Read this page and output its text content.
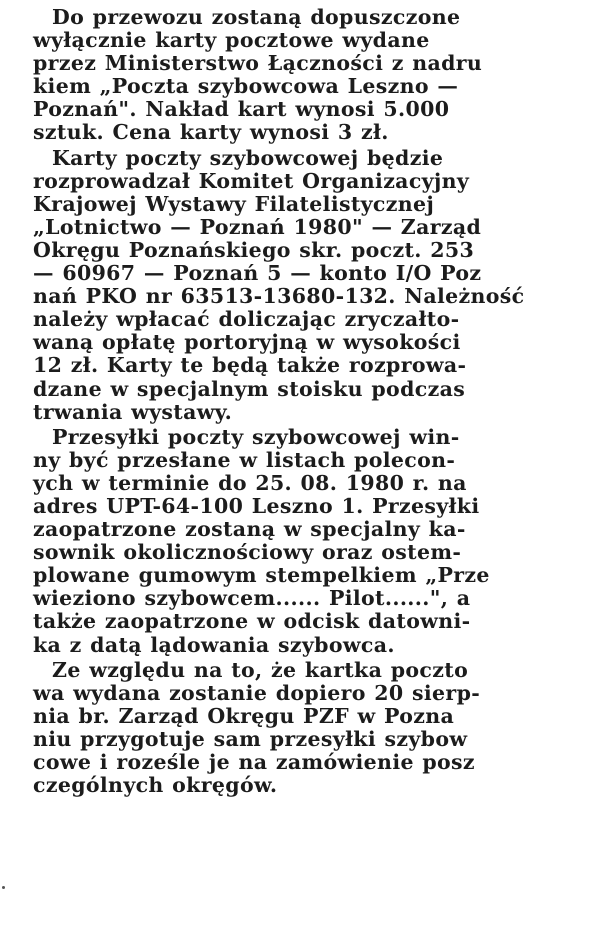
Do przewozu zostaną dopuszczone
wyłącznie karty pocztowe wydane
przez Ministerstwo Łączności z nadru
kiem „Poczta szybowcowa Leszno —
Poznań". Nakład kart wynosi 5.000
sztuk. Cena karty wynosi 3 zł.

Karty poczty szybowcowej będzie
rozprowadzał Komitet Organizacyjny
Krajowej Wystawy Filatelistycznej
„Lotnictwo — Poznań 1980" — Zarząd
Okręgu Poznańskiego skr. poczt. 253
— 60967 — Poznań 5 — konto I/O Poz
nań PKO nr 63513-13680-132. Należność
należy wpłacać doliczając zryczałto-
waną opłatę portoryjną w wysokości
12 zł. Karty te będą także rozprowa-
dzane w specjalnym stoisku podczas
trwania wystawy.

Przesyłki poczty szybowcowej win-
ny być przesłane w listach polecon-
ych w terminie do 25. 08. 1980 r. na
adres UPT-64-100 Leszno 1. Przesyłki
zaopatrzone zostaną w specjalny ka-
sownik okolicznościowy oraz ostem-
plowane gumowym stempelkiem „Prze
wieziono szybowcem...... Pilot......", a
także zaopatrzone w odcisk datowni-
ka z datą lądowania szybowca.

Ze względu na to, że kartka poczto
wa wydana zostanie dopiero 20 sierp-
nia br. Zarząd Okręgu PZF w Pozna
niu przygotuje sam przesyłki szybow
cowe i roześle je na zamówienie posz
czególnych okręgów.
